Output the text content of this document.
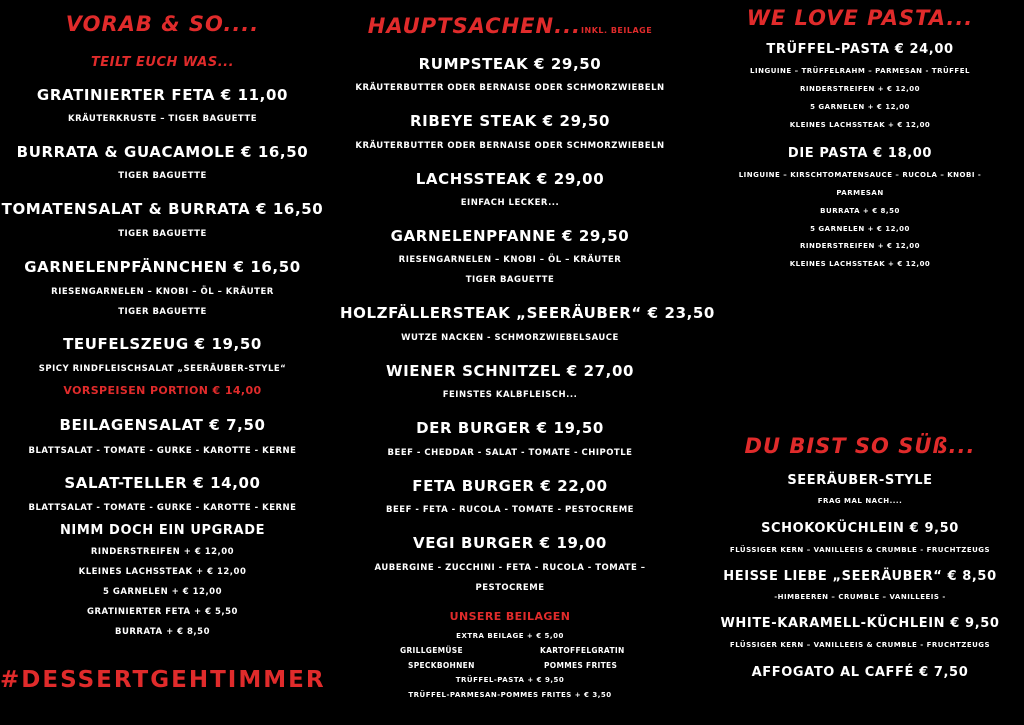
VORAB & SO....
TEILT EUCH WAS...
GRATINIERTER FETA € 11,00
KRÄUTERKRUSTE – TIGER BAGUETTE
BURRATA & GUACAMOLE € 16,50
TIGER BAGUETTE
TOMATENSALAT & BURRATA € 16,50
TIGER BAGUETTE
GARNELENPFÄNNCHEN € 16,50
RIESENGARNELEN – KNOBI – ÖL – KRÄUTER
TIGER BAGUETTE
TEUFELSZEUG € 19,50
SPICY RINDFLEISCHSALAT „SEERÄUBER-STYLE“
VORSPEISEN PORTION € 14,00
BEILAGENSALAT € 7,50
BLATTSALAT - TOMATE - GURKE - KAROTTE - KERNE
SALAT-TELLER € 14,00
BLATTSALAT - TOMATE - GURKE - KAROTTE - KERNE
NIMM DOCH EIN UPGRADE
RINDERSTREIFEN + € 12,00
KLEINES LACHSSTEAK + € 12,00
5 GARNELEN + € 12,00
GRATINIERTER FETA + € 5,50
BURRATA + € 8,50
#DESSERTGEHTIMMER
HAUPTSACHEN...INKL. BEILAGE
RUMPSTEAK € 29,50
KRÄUTERBUTTER ODER BERNAISE ODER SCHMORZWIEBELN
RIBEYE STEAK € 29,50
KRÄUTERBUTTER ODER BERNAISE ODER SCHMORZWIEBELN
LACHSSTEAK € 29,00
EINFACH LECKER...
GARNELENPFANNE € 29,50
RIESENGARNELEN – KNOBI – ÖL – KRÄUTER
TIGER BAGUETTE
HOLZFÄLLERSTEAK „SEERÄUBER“ € 23,50
WUTZE NACKEN - SCHMORZWIEBELSAUCE
WIENER SCHNITZEL € 27,00
FEINSTES KALBFLEISCH...
DER BURGER € 19,50
BEEF - CHEDDAR - SALAT - TOMATE - CHIPOTLE
FETA BURGER € 22,00
BEEF - FETA - RUCOLA - TOMATE - PESTOCREME
VEGI BURGER € 19,00
AUBERGINE - ZUCCHINI - FETA - RUCOLA - TOMATE –
PESTOCREME
UNSERE BEILAGEN
EXTRA BEILAGE + € 5,00
GRILLGEMÜSE	KARTOFFELGRATIN
SPECKBOHNEN	POMMES FRITES
TRÜFFEL-PASTA + € 9,50
TRÜFFEL-PARMESAN-POMMES FRITES + € 3,50
WE LOVE PASTA...
TRÜFFEL-PASTA € 24,00
LINGUINE – TRÜFFELRAHM – PARMESAN - TRÜFFEL
RINDERSTREIFEN + € 12,00
5 GARNELEN + € 12,00
KLEINES LACHSSTEAK + € 12,00
DIE PASTA € 18,00
LINGUINE – KIRSCHTOMATENSAUCE – RUCOLA – KNOBI -
PARMESAN
BURRATA + € 8,50
5 GARNELEN + € 12,00
RINDERSTREIFEN + € 12,00
KLEINES LACHSSTEAK + € 12,00
DU BIST SO SÜß...
SEERÄUBER-STYLE
FRAG MAL NACH....
SCHOKOKÜCHLEIN € 9,50
FLÜSSIGER KERN – VANILLEEIS & CRUMBLE - FRUCHTZEUGS
HEISSE LIEBE „SEERÄUBER“ € 8,50
-HIMBEEREN – CRUMBLE – VANILLEEIS -
WHITE-KARAMELL-KÜCHLEIN € 9,50
FLÜSSIGER KERN – VANILLEEIS & CRUMBLE - FRUCHTZEUGS
AFFOGATO AL CAFFÉ € 7,50
